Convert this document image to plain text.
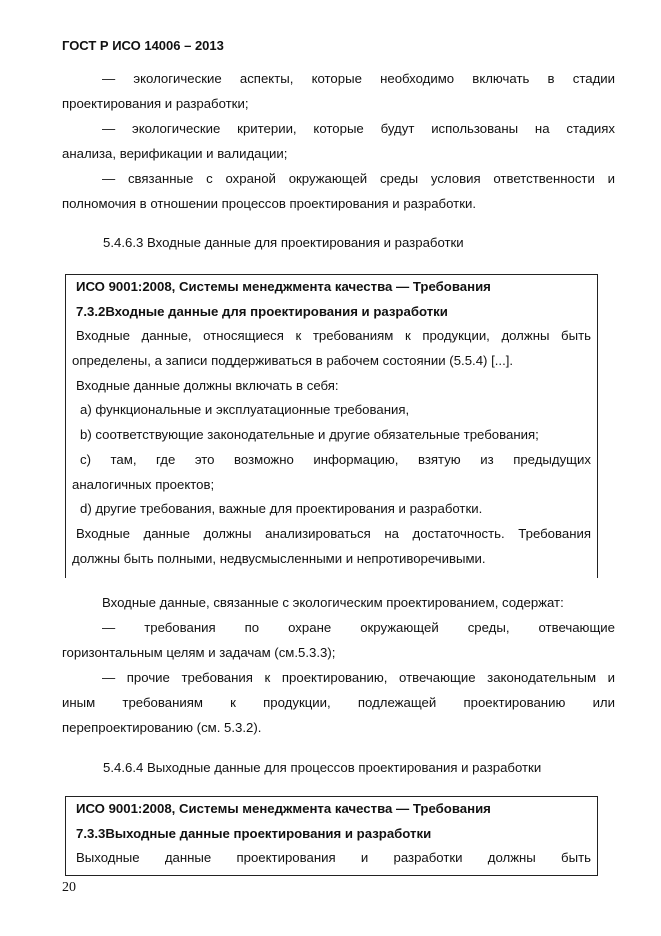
ГОСТ Р ИСО 14006 – 2013
— экологические аспекты, которые необходимо включать в стадии
проектирования и разработки;
— экологические критерии, которые будут использованы на стадиях
анализа, верификации и валидации;
— связанные с охраной окружающей среды условия ответственности и
полномочия в отношении процессов проектирования и разработки.
5.4.6.3 Входные данные для проектирования и разработки
ИСО 9001:2008, Системы менеджмента качества — Требования
7.3.2Входные данные для проектирования и разработки
Входные данные, относящиеся к требованиям к продукции, должны быть
определены, а записи поддерживаться в рабочем состоянии (5.5.4) [...].
Входные данные должны включать в себя:
a) функциональные и эксплуатационные требования,
b) соответствующие законодательные и другие обязательные требования;
c) там, где это возможно информацию, взятую из предыдущих
аналогичных проектов;
d) другие требования, важные для проектирования и разработки.
Входные данные должны анализироваться на достаточность. Требования
должны быть полными, недвусмысленными и непротиворечивыми.
Входные данные, связанные с экологическим проектированием, содержат:
— требования по охране окружающей среды, отвечающие
горизонтальным целям и задачам (см.5.3.3);
— прочие требования к проектированию, отвечающие законодательным и
иным требованиям к продукции, подлежащей проектированию или
перепроектированию (см. 5.3.2).
5.4.6.4 Выходные данные для процессов проектирования и разработки
ИСО 9001:2008, Системы менеджмента качества — Требования
7.3.3Выходные данные проектирования и разработки
Выходные данные проектирования и разработки должны быть
20
